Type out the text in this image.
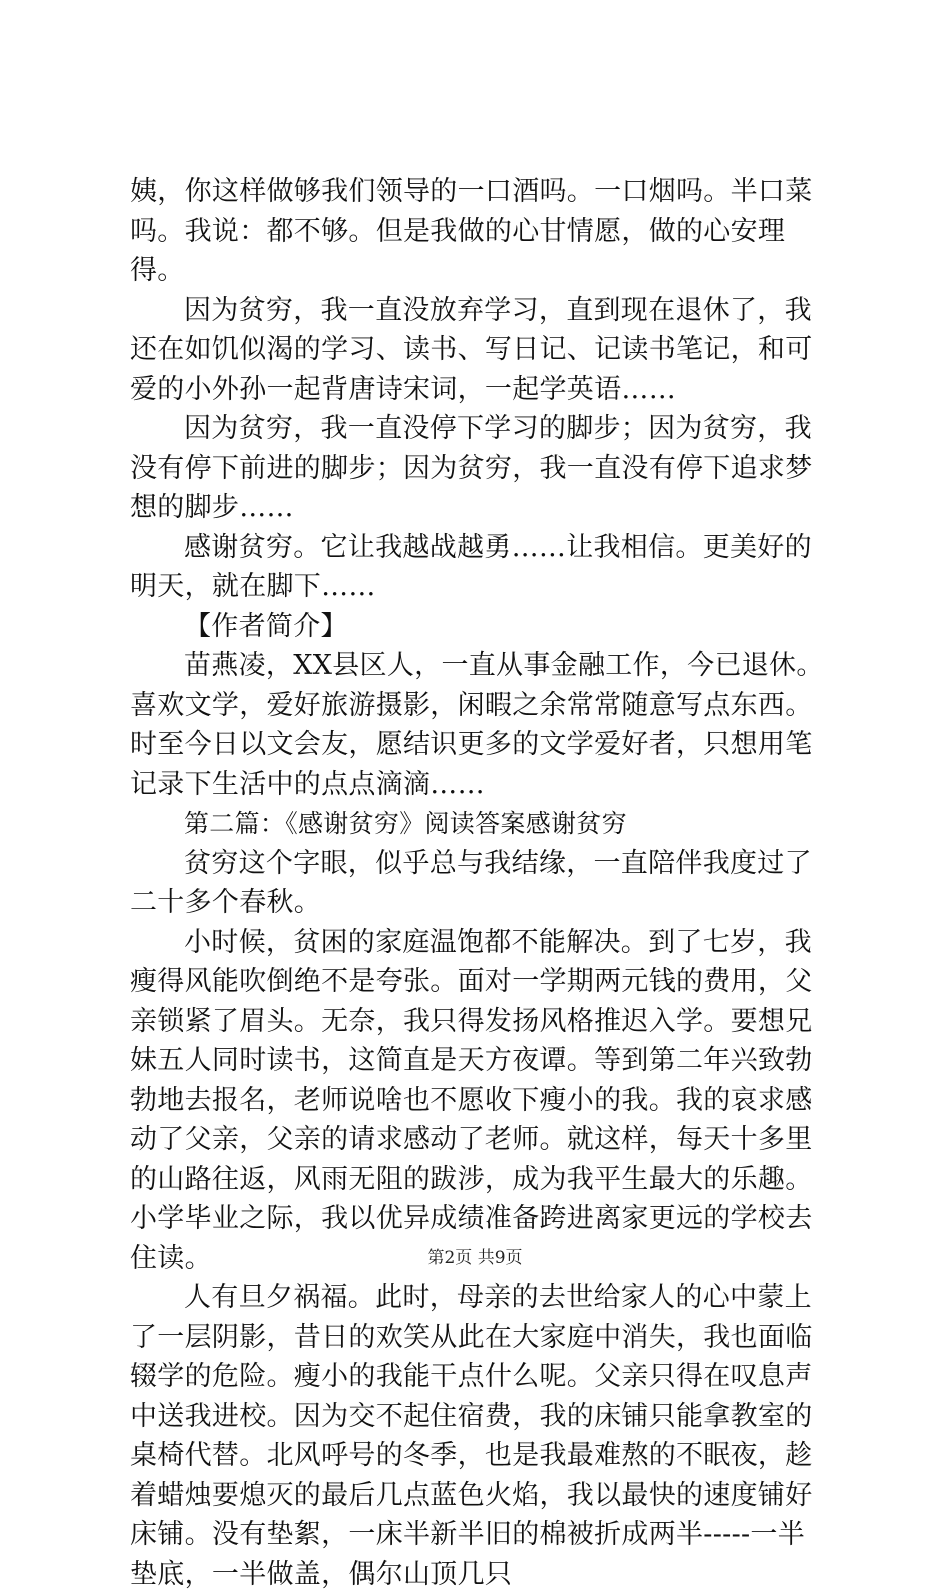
姨，你这样做够我们领导的一口酒吗。一口烟吗。半口菜吗。我说：都不够。但是我做的心甘情愿，做的心安理得。

因为贫穷，我一直没放弃学习，直到现在退休了，我还在如饥似渴的学习、读书、写日记、记读书笔记，和可爱的小外孙一起背唐诗宋词，一起学英语……

因为贫穷，我一直没停下学习的脚步；因为贫穷，我没有停下前进的脚步；因为贫穷，我一直没有停下追求梦想的脚步……

感谢贫穷。它让我越战越勇……让我相信。更美好的明天，就在脚下……

【作者简介】

苗燕凌，XX县区人，一直从事金融工作，今已退休。喜欢文学，爱好旅游摄影，闲暇之余常常随意写点东西。时至今日以文会友，愿结识更多的文学爱好者，只想用笔记录下生活中的点点滴滴……

第二篇：《感谢贫穷》阅读答案感谢贫穷

贫穷这个字眼，似乎总与我结缘，一直陪伴我度过了二十多个春秋。

小时候，贫困的家庭温饱都不能解决。到了七岁，我瘦得风能吹倒绝不是夸张。面对一学期两元钱的费用，父亲锁紧了眉头。无奈，我只得发扬风格推迟入学。要想兄妹五人同时读书，这简直是天方夜谭。等到第二年兴致勃勃地去报名，老师说啥也不愿收下瘦小的我。我的哀求感动了父亲，父亲的请求感动了老师。就这样，每天十多里的山路往返，风雨无阻的跋涉，成为我平生最大的乐趣。小学毕业之际，我以优异成绩准备跨进离家更远的学校去住读。

人有旦夕祸福。此时，母亲的去世给家人的心中蒙上了一层阴影，昔日的欢笑从此在大家庭中消失，我也面临辍学的危险。瘦小的我能干点什么呢。父亲只得在叹息声中送我进校。因为交不起住宿费，我的床铺只能拿教室的桌椅代替。北风呼号的冬季，也是我最难熬的不眠夜，趁着蜡烛要熄灭的最后几点蓝色火焰，我以最快的速度铺好床铺。没有垫絮，一床半新半旧的棉被折成两半-----一半垫底，一半做盖，偶尔山顶几只

第2页 共9页
